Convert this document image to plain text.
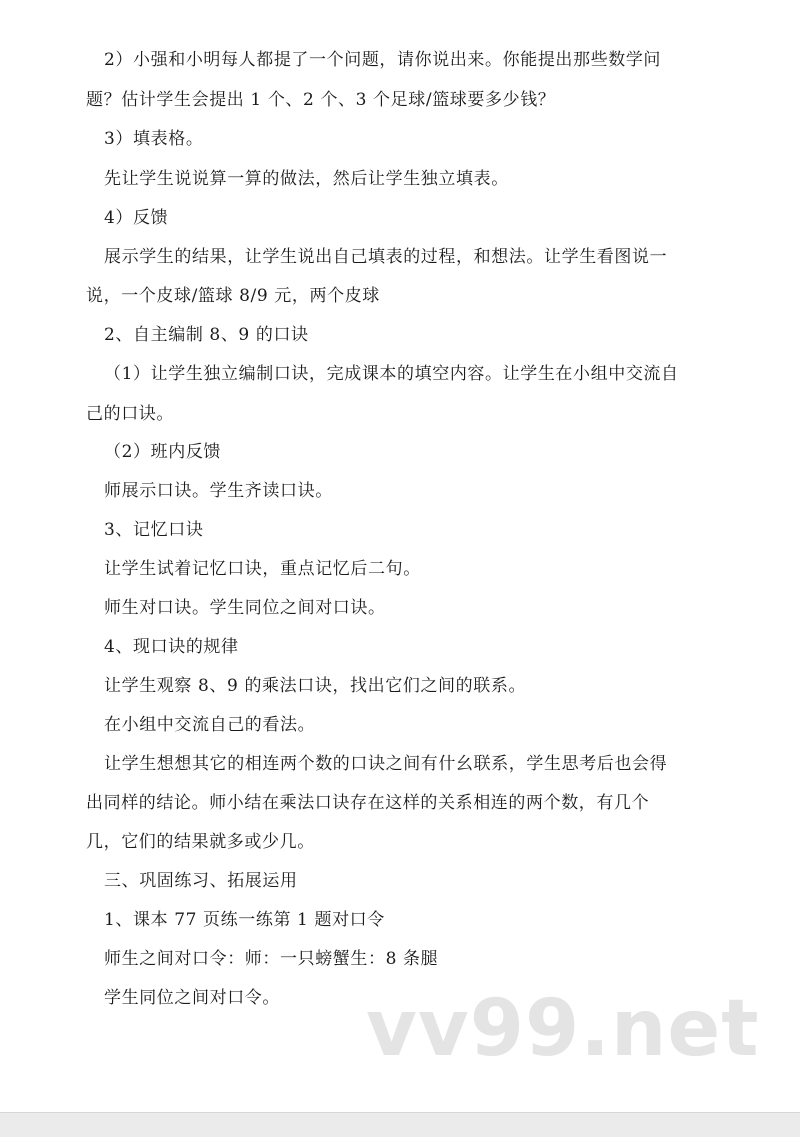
2）小强和小明每人都提了一个问题，请你说出来。你能提出那些数学问
题？估计学生会提出 1 个、2 个、3 个足球/篮球要多少钱？
3）填表格。
先让学生说说算一算的做法，然后让学生独立填表。
4）反馈
展示学生的结果，让学生说出自己填表的过程，和想法。让学生看图说一
说，一个皮球/篮球 8/9 元，两个皮球
2、自主编制 8、9 的口诀
（1）让学生独立编制口诀，完成课本的填空内容。让学生在小组中交流自
己的口诀。
（2）班内反馈
师展示口诀。学生齐读口诀。
3、记忆口诀
让学生试着记忆口诀，重点记忆后二句。
师生对口诀。学生同位之间对口诀。
4、现口诀的规律
让学生观察 8、9 的乘法口诀，找出它们之间的联系。
在小组中交流自己的看法。
让学生想想其它的相连两个数的口诀之间有什幺联系，学生思考后也会得
出同样的结论。师小结在乘法口诀存在这样的关系相连的两个数，有几个
几，它们的结果就多或少几。
三、巩固练习、拓展运用
1、课本 77 页练一练第 1 题对口令
师生之间对口令：师：一只螃蟹生：8 条腿
学生同位之间对口令。 vv99.net
